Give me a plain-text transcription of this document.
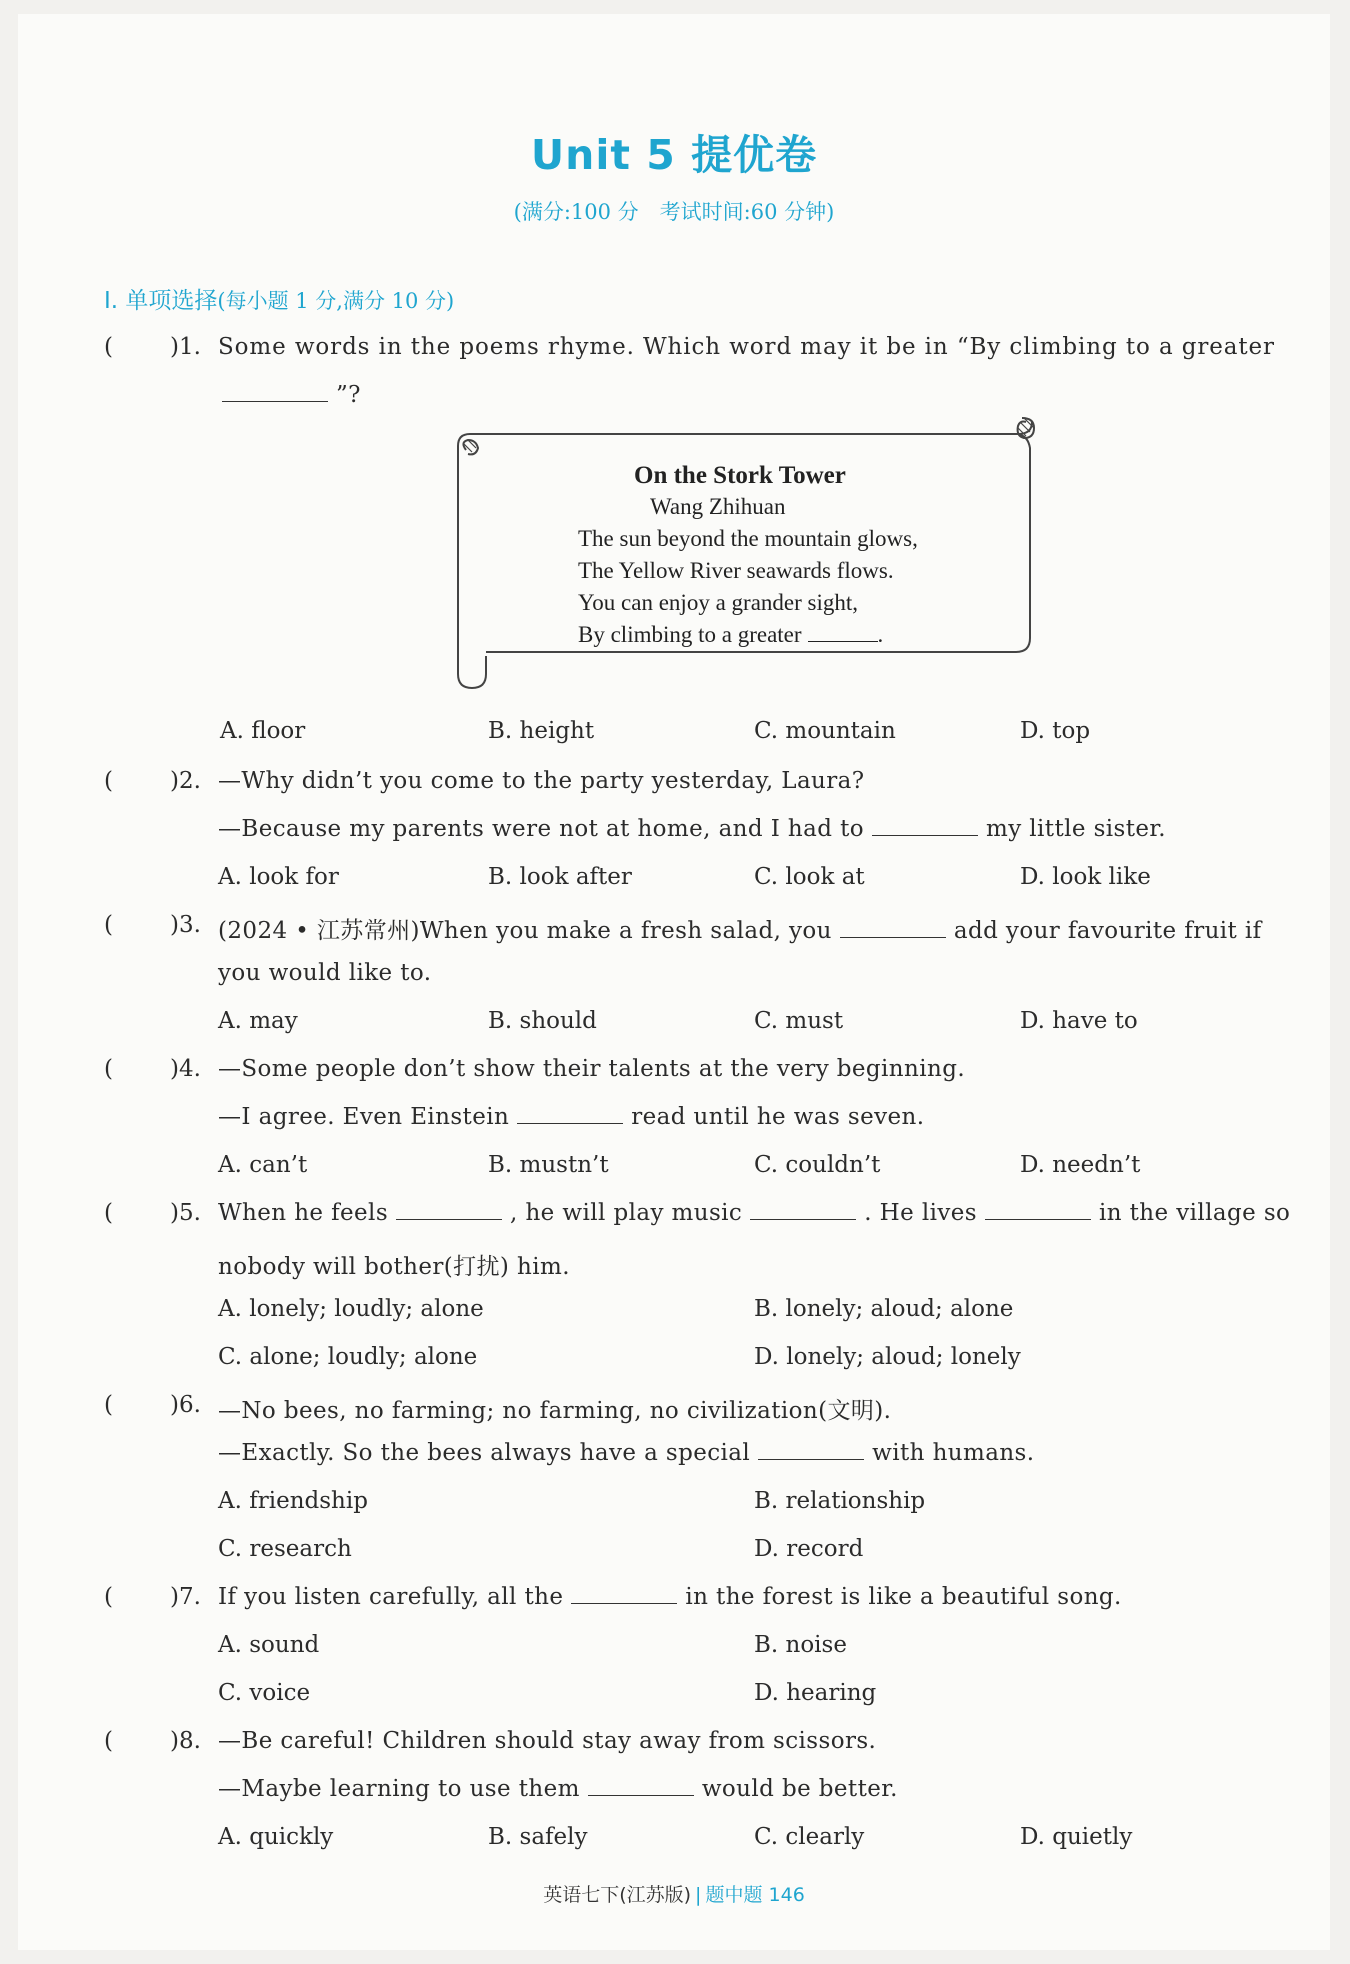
Unit 5 提优卷
(满分:100 分　考试时间:60 分钟)
Ⅰ. 单项选择(每小题 1 分,满分 10 分)
( )1. Some words in the poems rhyme. Which word may it be in “By climbing to a greater
”?
On the Stork Tower
Wang Zhihuan
The sun beyond the mountain glows,
The Yellow River seawards flows.
You can enjoy a grander sight,
By climbing to a greater	.
A. floor	B. height	C. mountain	D. top
( )2. —Why didn’t you come to the party yesterday, Laura?
—Because my parents were not at home, and I had to	my little sister.
A. look for	B. look after	C. look at	D. look like
( )3. (2024 • 江苏常州)When you make a fresh salad, you	add your favourite fruit if
you would like to.
A. may	B. should	C. must	D. have to
( )4. —Some people don’t show their talents at the very beginning.
—I agree. Even Einstein	read until he was seven.
A. can’t	B. mustn’t	C. couldn’t	D. needn’t
( )5. When he feels	, he will play music	. He lives	in the village so
nobody will bother(打扰) him.
A. lonely; loudly; alone	B. lonely; aloud; alone
C. alone; loudly; alone	D. lonely; aloud; lonely
( )6. —No bees, no farming; no farming, no civilization(文明).
—Exactly. So the bees always have a special	with humans.
A. friendship	B. relationship
C. research	D. record
( )7. If you listen carefully, all the	in the forest is like a beautiful song.
A. sound	B. noise
C. voice	D. hearing
( )8. —Be careful! Children should stay away from scissors.
—Maybe learning to use them	would be better.
A. quickly	B. safely	C. clearly	D. quietly
英语七下(江苏版) | 题中题 146
